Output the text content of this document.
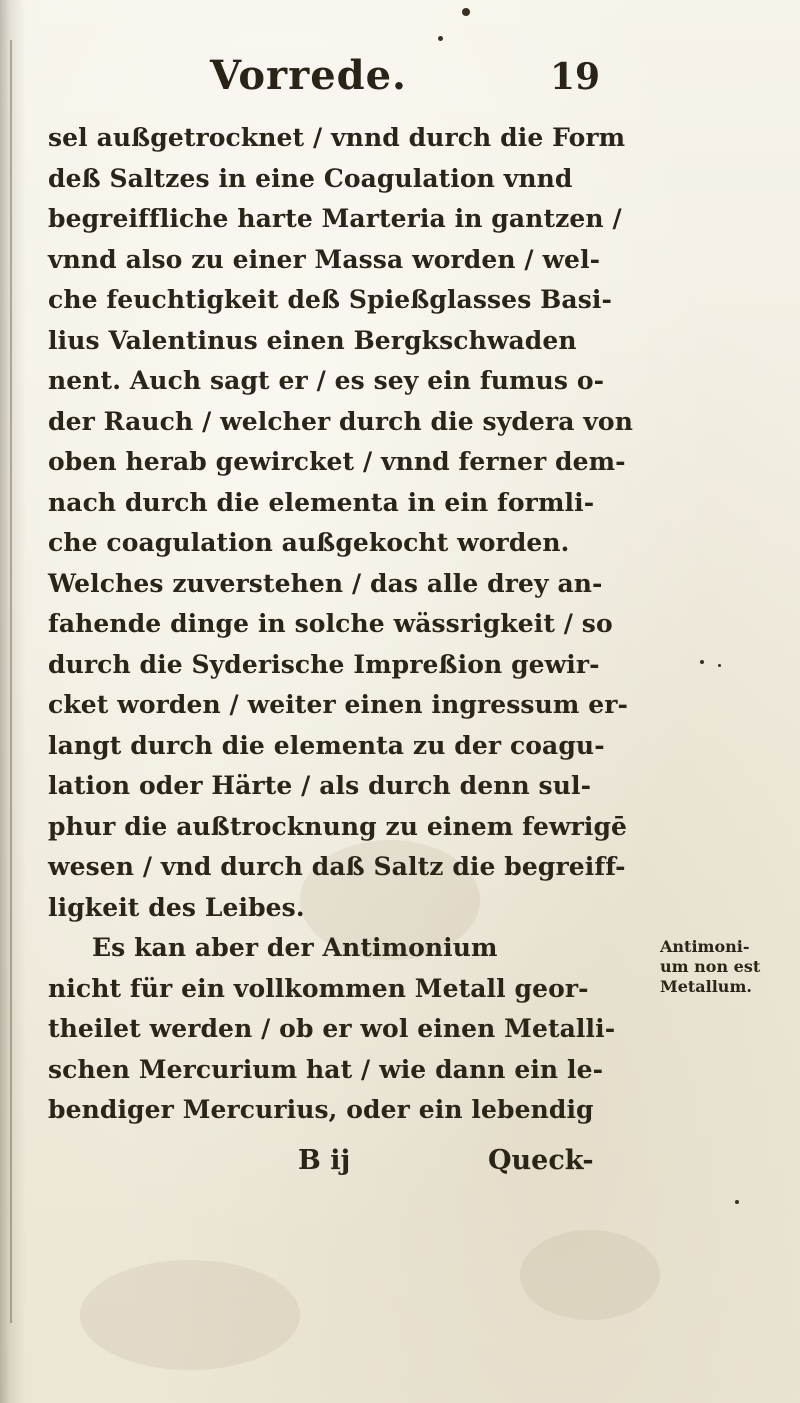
Vorrede.	19
sel außgetrocknet / vnnd durch die Form
deß Saltzes in eine Coagulation vnnd
begreiffliche harte Marteria in gantzen /
vnnd also zu einer Massa worden / wel-
che feuchtigkeit deß Spießglasses Basi-
lius Valentinus einen Bergkschwaden
nent. Auch sagt er / es sey ein fumus o-
der Rauch / welcher durch die sydera von
oben herab gewircket / vnnd ferner dem-
nach durch die elementa in ein formli-
che coagulation außgekocht worden.
Welches zuverstehen / das alle drey an-
fahende dinge in solche wässrigkeit / so
durch die Syderische Impreßion gewir-
cket worden / weiter einen ingressum er-
langt durch die elementa zu der coagu-
lation oder Härte / als durch denn sul-
phur die außtrocknung zu einem fewrigē
wesen / vnd durch daß Saltz die begreiff-
ligkeit des Leibes.
Es kan aber der Antimonium
nicht für ein vollkommen Metall geor-
theilet werden / ob er wol einen Metalli-
schen Mercurium hat / wie dann ein le-
bendiger Mercurius, oder ein lebendig
B ij	Queck-
Antimoni-
um non est
Metallum.
